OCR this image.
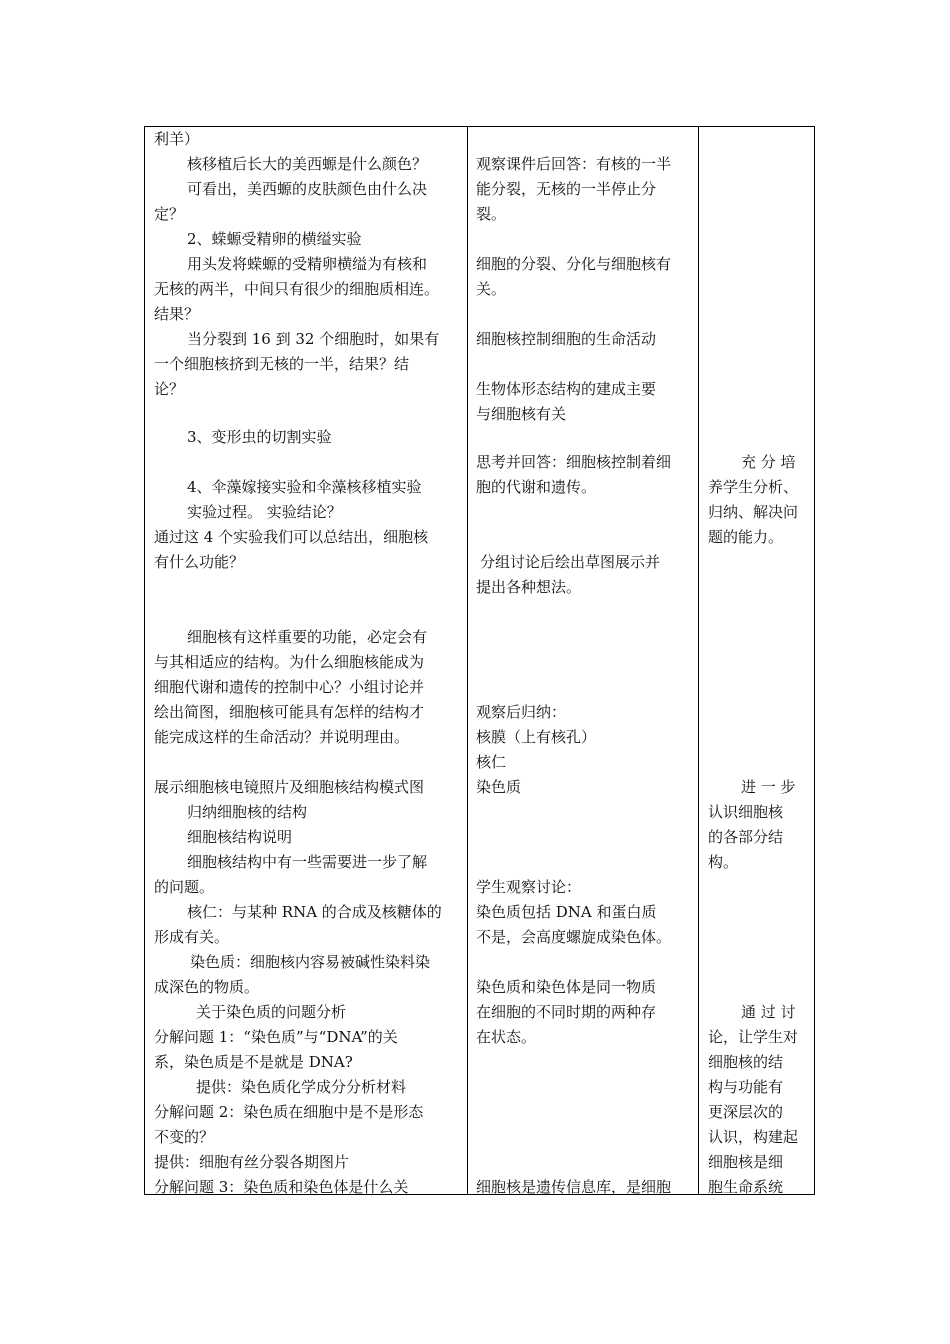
利羊）
核移植后长大的美西螈是什么颜色？
可看出，美西螈的皮肤颜色由什么决
定？
2、蝾螈受精卵的横缢实验
用头发将蝾螈的受精卵横缢为有核和
无核的两半，中间只有很少的细胞质相连。
结果？
当分裂到 16 到 32 个细胞时，如果有
一个细胞核挤到无核的一半，结果？结
论？
3、变形虫的切割实验
4、伞藻嫁接实验和伞藻核移植实验
实验过程。 实验结论？
通过这 4 个实验我们可以总结出，细胞核
有什么功能？
细胞核有这样重要的功能，必定会有
与其相适应的结构。为什么细胞核能成为
细胞代谢和遗传的控制中心？小组讨论并
绘出简图，细胞核可能具有怎样的结构才
能完成这样的生命活动？并说明理由。
展示细胞核电镜照片及细胞核结构模式图
归纳细胞核的结构
细胞核结构说明
细胞核结构中有一些需要进一步了解
的问题。
核仁：与某种 RNA 的合成及核糖体的
形成有关。
染色质：细胞核内容易被碱性染料染
成深色的物质。
关于染色质的问题分析
分解问题 1：“染色质”与“DNA”的关
系，染色质是不是就是 DNA?
提供：染色质化学成分分析材料
分解问题 2：染色质在细胞中是不是形态
不变的？
提供：细胞有丝分裂各期图片
分解问题 3：染色质和染色体是什么关
观察课件后回答：有核的一半
能分裂，无核的一半停止分
裂。
细胞的分裂、分化与细胞核有
关。
细胞核控制细胞的生命活动
生物体形态结构的建成主要
与细胞核有关
思考并回答：细胞核控制着细
胞的代谢和遗传。
分组讨论后绘出草图展示并
提出各种想法。
观察后归纳：
核膜（上有核孔）
核仁
染色质
学生观察讨论：
染色质包括 DNA 和蛋白质
不是，会高度螺旋成染色体。
染色质和染色体是同一物质
在细胞的不同时期的两种存
在状态。
细胞核是遗传信息库，是细胞
充 分 培
养学生分析、
归纳、解决问
题的能力。
进 一 步
认识细胞核
的各部分结
构。
通 过 讨
论，让学生对
细胞核的结
构与功能有
更深层次的
认识，构建起
细胞核是细
胞生命系统
